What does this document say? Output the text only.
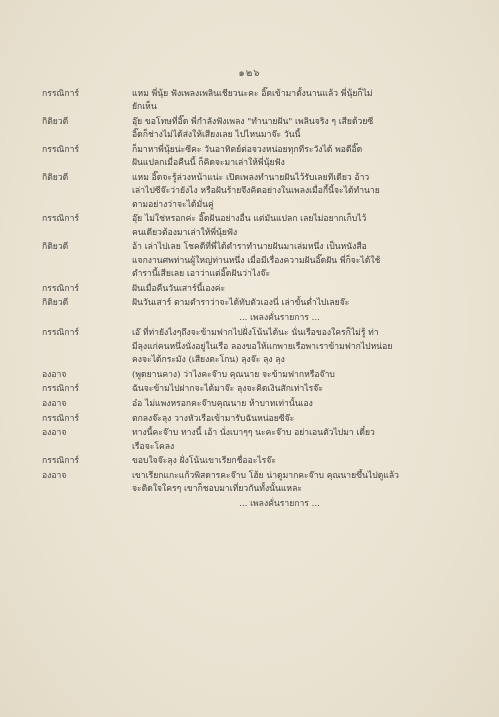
๑๒๖
กรรณิการ์	แหม พี่นุ้ย ฟังเพลงเพลินเชียวนะคะ อิ๊ดเข้ามาตั้งนานแล้ว พี่นุ้ยก็ไม่
ยักเห็น
กิติยวดี	อุ๊ย ขอโทษที่อิ๊ด พี่กำลังฟังเพลง "ทำนายฝัน" เพลินจริง ๆ เสียด้วยซี
อิ๊ดก็ช่างไม่ได้ส่งให้เสียงเลย ไปไหนมาจ๊ะ วันนี้
กรรณิการ์	ก็มาหาพี่นุ้ยน่ะซีคะ วันอาทิตย์ต่อจวงหน่อยทุกทีระวังได้ พอดีอิ๊ด
ฝันแปลกเมื่อคืนนี้ ก็คิดจะมาเล่าให้พี่นุ้ยฟัง
กิติยวดี	แหม อิ๊ดจะรู้ล่วงหน้าแน่ะ เปิดเพลงทำนายฝันไว้รับเลยทีเดียว อ้าว
เล่าไปซีจ๊ะว่ายังไง หรือฝันร้ายจึงคิดอย่างในเพลงเมื่อกี้นี้จะได้ทำนาย
ตามอย่างว่าจะได้มั่นคู่
กรรณิการ์	อุ๊ย ไม่ใช่หรอกค่ะ อิ๊ดฝันอย่างอื่น แต่มันแปลก เลยไม่อยากเก็บไว้
คนเดียวต้องมาเล่าให้พี่นุ้ยฟัง
กิติยวดี	อ้า เล่าไปเลย โชคดีที่พี่ได้ตำราทำนายฝันมาเล่มหนึ่ง เป็นหนังสือ
แจกงานศพท่านผู้ใหญ่ท่านหนึ่ง เมื่อมีเรื่องความฝันอิ๊ดฝัน พี่ก็จะได้ใช้
ตำรานี้เสียเลย เอาว่าแต่อิ๊ดฝันว่าไงจ๊ะ
กรรณิการ์	ฝันเมื่อคืนวันเสาร์นี้เองค่ะ
กิติยวดี	ฝันวันเสาร์ ตามตำราว่าจะได้ทับตัวเองนี่ เล่าขั้นต่ำไปเลยจ๊ะ
... เพลงคั่นรายการ ...
กรรณิการ์	เอ๊ ที่ท่ายังไงๆถึงจะข้ามฟากไปฝั่งโน้นได้นะ นั่นเรือของใครก็ไม่รู้ ท่า
มีลุงแก่คนหนึ่งนั่งอยู่ในเรือ ลองขอให้แกพายเรือพาเราข้ามฟากไปหน่อย
คงจะได้กระมัง (เสียงตะโกน) ลุงจ๊ะ ลุง ลุง
องอาจ	(พูดยานคาง) ว่าไงคะจ๊าบ คุณนาย จะข้ามฟากหรือจ๊าบ
กรรณิการ์	ฉันจะข้ามไปฝากจะได้มาจ๊ะ ลุงจะคิดเงินสักเท่าไรจ๊ะ
องอาจ	อ๋อ ไม่แพงหรอกคะจ๊าบคุณนาย ห้าบาทเท่านั้นเอง
กรรณิการ์	ตกลงจ๊ะลุง วางหัวเรือเข้ามารับฉันหน่อยซีจ๊ะ
องอาจ	ทางนี้คะจ๊าบ ทางนี้ เอ้า นั่งเบาๆๆ นะคะจ๊าบ อย่าเอนตัวไปมา เดี๋ยว
เรือจะโคลง
กรรณิการ์	ขอบใจจ๊ะลุง ฝั่งโน้นเขาเรียกชื่ออะไรจ๊ะ
องอาจ	เขาเรียกแกะแก้วพิสดารคะจ๊าบ โฮ้ย น่าดูมากคะจ๊าบ คุณนายขึ้นไปดูแล้ว
จะติดใจใครๆ เขาก็ชอบมาเที่ยวกันทั้งนั้นแหละ
... เพลงคั่นรายการ ...
